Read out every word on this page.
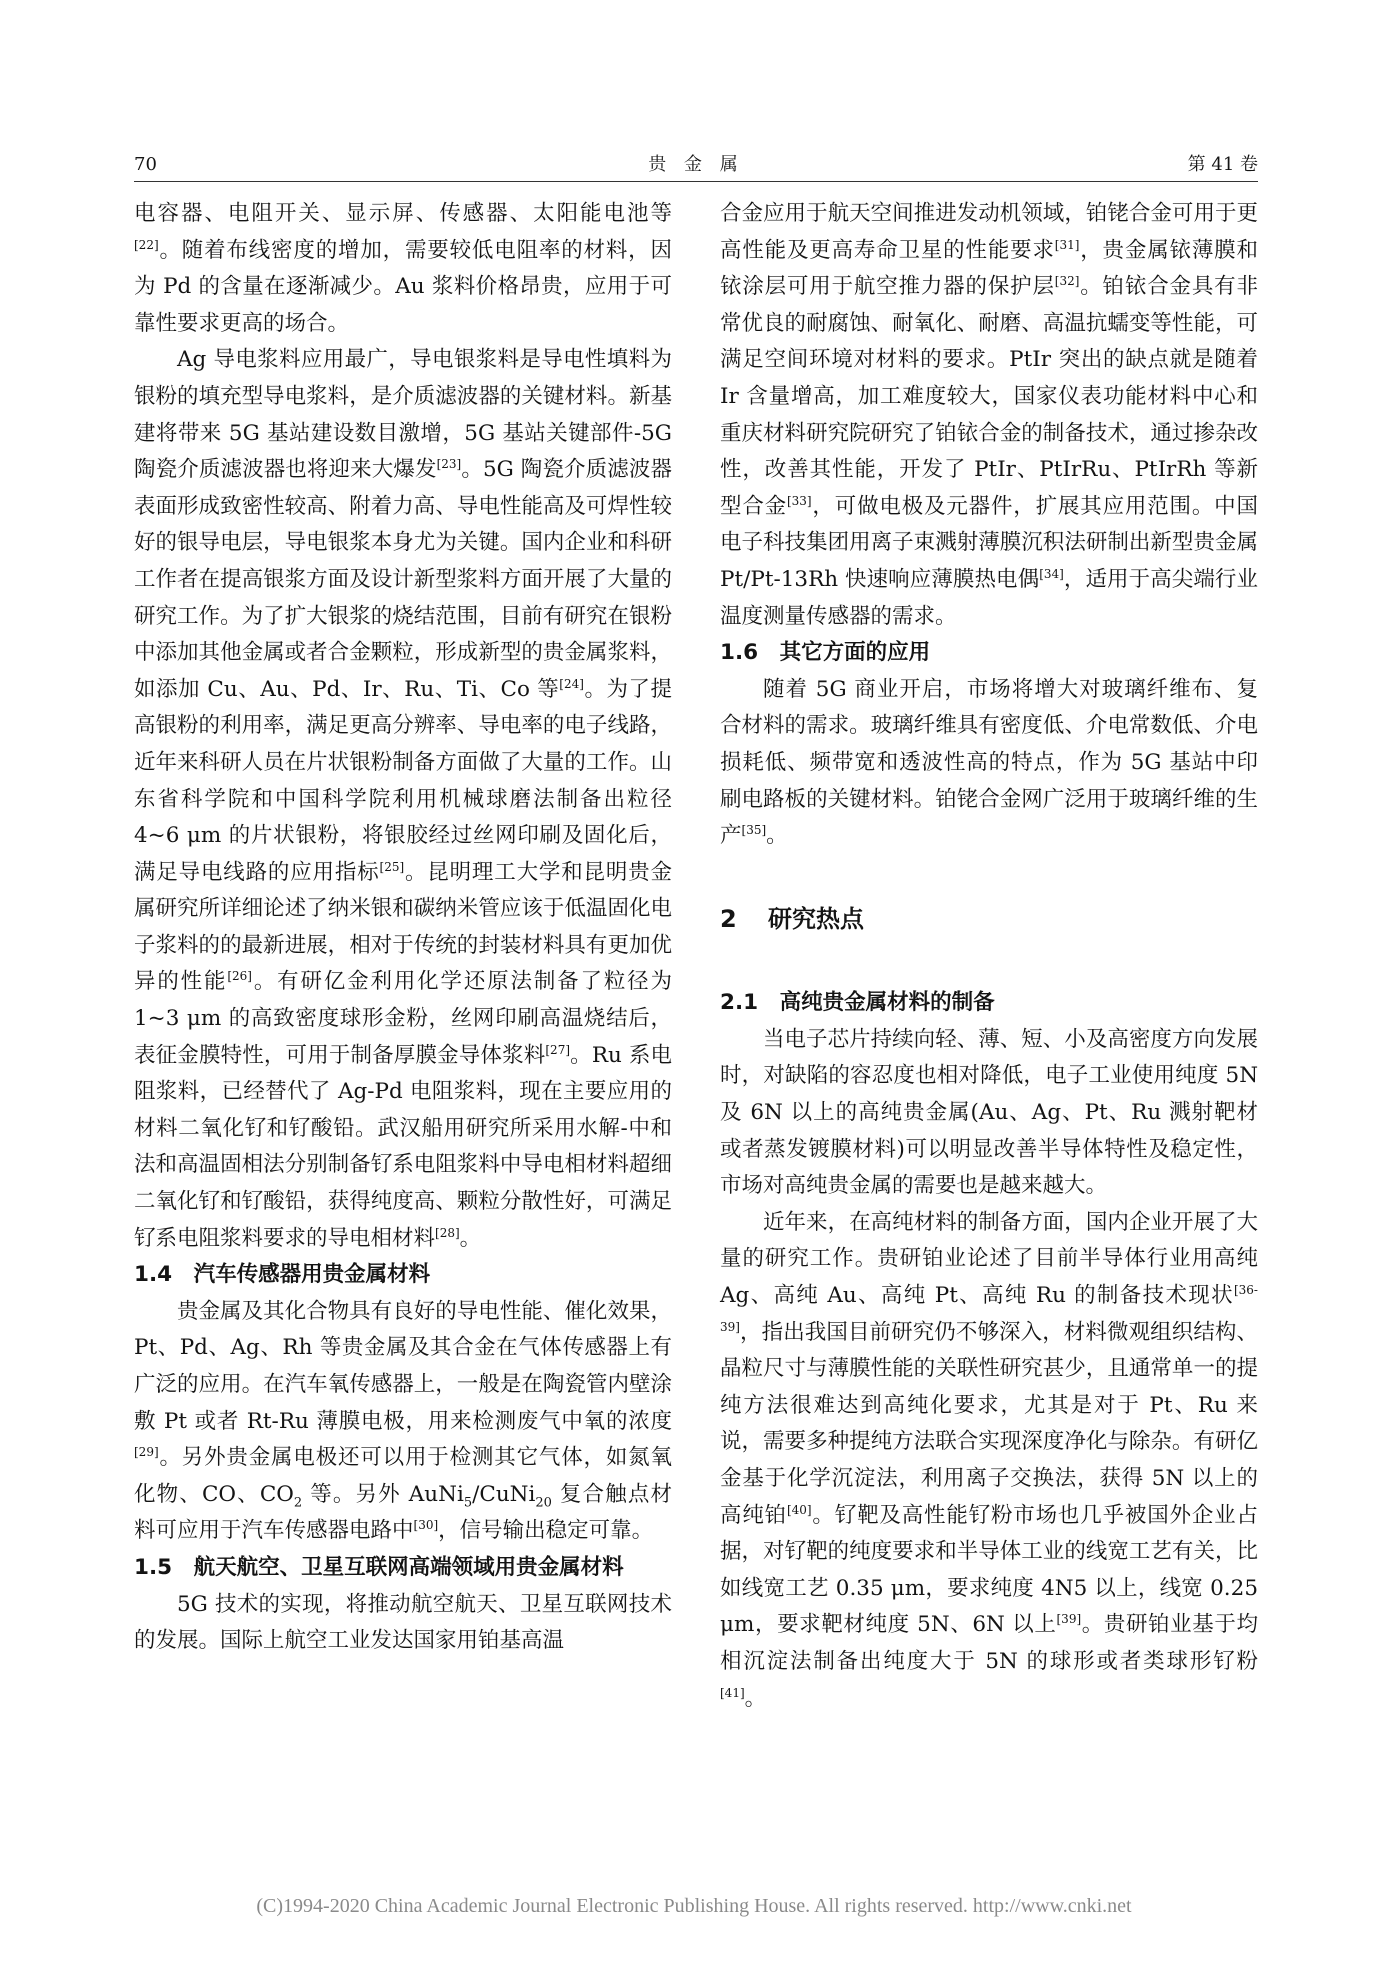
70	贵 金 属	第 41 卷

电容器、电阻开关、显示屏、传感器、太阳能电池等[22]。随着布线密度的增加，需要较低电阻率的材料，因为 Pd 的含量在逐渐减少。Au 浆料价格昂贵，应用于可靠性要求更高的场合。

Ag 导电浆料应用最广，导电银浆料是导电性填料为银粉的填充型导电浆料，是介质滤波器的关键材料。新基建将带来 5G 基站建设数目激增，5G 基站关键部件-5G 陶瓷介质滤波器也将迎来大爆发[23]。5G 陶瓷介质滤波器表面形成致密性较高、附着力高、导电性能高及可焊性较好的银导电层，导电银浆本身尤为关键。国内企业和科研工作者在提高银浆方面及设计新型浆料方面开展了大量的研究工作。为了扩大银浆的烧结范围，目前有研究在银粉中添加其他金属或者合金颗粒，形成新型的贵金属浆料，如添加 Cu、Au、Pd、Ir、Ru、Ti、Co 等[24]。为了提高银粉的利用率，满足更高分辨率、导电率的电子线路，近年来科研人员在片状银粉制备方面做了大量的工作。山东省科学院和中国科学院利用机械球磨法制备出粒径 4~6 μm 的片状银粉，将银胶经过丝网印刷及固化后，满足导电线路的应用指标[25]。昆明理工大学和昆明贵金属研究所详细论述了纳米银和碳纳米管应该于低温固化电子浆料的的最新进展，相对于传统的封装材料具有更加优异的性能[26]。有研亿金利用化学还原法制备了粒径为 1~3 μm 的高致密度球形金粉，丝网印刷高温烧结后，表征金膜特性，可用于制备厚膜金导体浆料[27]。Ru 系电阻浆料，已经替代了 Ag-Pd 电阻浆料，现在主要应用的材料二氧化钌和钌酸铅。武汉船用研究所采用水解-中和法和高温固相法分别制备钌系电阻浆料中导电相材料超细二氧化钌和钌酸铅，获得纯度高、颗粒分散性好，可满足钌系电阻浆料要求的导电相材料[28]。

1.4　汽车传感器用贵金属材料

贵金属及其化合物具有良好的导电性能、催化效果，Pt、Pd、Ag、Rh 等贵金属及其合金在气体传感器上有广泛的应用。在汽车氧传感器上，一般是在陶瓷管内壁涂敷 Pt 或者 Rt-Ru 薄膜电极，用来检测废气中氧的浓度[29]。另外贵金属电极还可以用于检测其它气体，如氮氧化物、CO、$CO_2$ 等。另外 AuNi$_5$/CuNi$_{20}$ 复合触点材料可应用于汽车传感器电路中[30]，信号输出稳定可靠。

1.5　航天航空、卫星互联网高端领域用贵金属材料

5G 技术的实现，将推动航空航天、卫星互联网技术的发展。国际上航空工业发达国家用铂基高温

合金应用于航天空间推进发动机领域，铂铑合金可用于更高性能及更高寿命卫星的性能要求[31]，贵金属铱薄膜和铱涂层可用于航空推力器的保护层[32]。铂铱合金具有非常优良的耐腐蚀、耐氧化、耐磨、高温抗蠕变等性能，可满足空间环境对材料的要求。PtIr 突出的缺点就是随着 Ir 含量增高，加工难度较大，国家仪表功能材料中心和重庆材料研究院研究了铂铱合金的制备技术，通过掺杂改性，改善其性能，开发了 PtIr、PtIrRu、PtIrRh 等新型合金[33]，可做电极及元器件，扩展其应用范围。中国电子科技集团用离子束溅射薄膜沉积法研制出新型贵金属 Pt/Pt-13Rh 快速响应薄膜热电偶[34]，适用于高尖端行业温度测量传感器的需求。

1.6　其它方面的应用

随着 5G 商业开启，市场将增大对玻璃纤维布、复合材料的需求。玻璃纤维具有密度低、介电常数低、介电损耗低、频带宽和透波性高的特点，作为 5G 基站中印刷电路板的关键材料。铂铑合金网广泛用于玻璃纤维的生产[35]。

2 研究热点
2.1　高纯贵金属材料的制备

当电子芯片持续向轻、薄、短、小及高密度方向发展时，对缺陷的容忍度也相对降低，电子工业使用纯度 5N 及 6N 以上的高纯贵金属(Au、Ag、Pt、Ru 溅射靶材或者蒸发镀膜材料)可以明显改善半导体特性及稳定性，市场对高纯贵金属的需要也是越来越大。

近年来，在高纯材料的制备方面，国内企业开展了大量的研究工作。贵研铂业论述了目前半导体行业用高纯 Ag、高纯 Au、高纯 Pt、高纯 Ru 的制备技术现状[36-39]，指出我国目前研究仍不够深入，材料微观组织结构、晶粒尺寸与薄膜性能的关联性研究甚少，且通常单一的提纯方法很难达到高纯化要求，尤其是对于 Pt、Ru 来说，需要多种提纯方法联合实现深度净化与除杂。有研亿金基于化学沉淀法，利用离子交换法，获得 5N 以上的高纯铂[40]。钌靶及高性能钌粉市场也几乎被国外企业占据，对钌靶的纯度要求和半导体工业的线宽工艺有关，比如线宽工艺 0.35 μm，要求纯度 4N5 以上，线宽 0.25 μm，要求靶材纯度 5N、6N 以上[39]。贵研铂业基于均相沉淀法制备出纯度大于 5N 的球形或者类球形钌粉[41]。

(C)1994-2020 China Academic Journal Electronic Publishing House. All rights reserved. http://www.cnki.net
